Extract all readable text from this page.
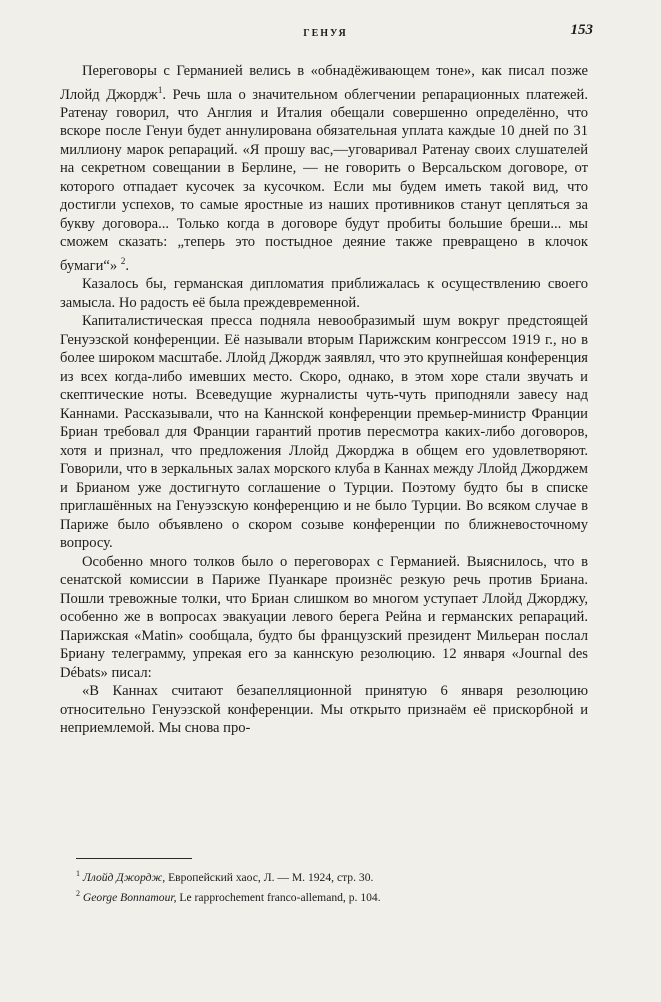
ГЕНУЯ	153

Переговоры с Германией велись в «обнадёживающем тоне», как писал позже Ллойд Джордж$^1$. Речь шла о значительном облегчении репарационных платежей. Ратенау говорил, что Англия и Италия обещали совершенно определённо, что вскоре после Генуи будет аннулирована обязательная уплата каждые 10 дней по 31 миллиону марок репараций. «Я прошу вас,—уговаривал Ратенау своих слушателей на секретном совещании в Берлине, — не говорить о Версальском договоре, от которого отпадает кусочек за кусочком. Если мы будем иметь такой вид, что достигли успехов, то самые яростные из наших противников станут цепляться за букву договора... Только когда в договоре будут пробиты большие бреши... мы сможем сказать: „теперь это постыдное деяние также превращено в клочок бумаги“» $^2$.

Казалось бы, германская дипломатия приближалась к осуществлению своего замысла. Но радость её была преждевременной.

Капиталистическая пресса подняла невообразимый шум вокруг предстоящей Генуэзской конференции. Её называли вторым Парижским конгрессом 1919 г., но в более широком масштабе. Ллойд Джордж заявлял, что это крупнейшая конференция из всех когда-либо имевших место. Скоро, однако, в этом хоре стали звучать и скептические ноты. Всеведущие журналисты чуть-чуть приподняли завесу над Каннами. Рассказывали, что на Каннской конференции премьер-министр Франции Бриан требовал для Франции гарантий против пересмотра каких-либо договоров, хотя и признал, что предложения Ллойд Джорджа в общем его удовлетворяют. Говорили, что в зеркальных залах морского клуба в Каннах между Ллойд Джорджем и Брианом уже достигнуто соглашение о Турции. Поэтому будто бы в списке приглашённых на Генуэзскую конференцию и не было Турции. Во всяком случае в Париже было объявлено о скором созыве конференции по ближневосточному вопросу.

Особенно много толков было о переговорах с Германией. Выяснилось, что в сенатской комиссии в Париже Пуанкаре произнёс резкую речь против Бриана. Пошли тревожные толки, что Бриан слишком во многом уступает Ллойд Джорджу, особенно же в вопросах эвакуации левого берега Рейна и германских репараций. Парижская «Matin» сообщала, будто бы французский президент Мильеран послал Бриану телеграмму, упрекая его за каннскую резолюцию. 12 января «Journal des Débats» писал:

«В Каннах считают безапелляционной принятую 6 января резолюцию относительно Генуэзской конференции. Мы открыто признаём её прискорбной и неприемлемой. Мы снова про-

$^1$ Ллойд Джордж, Европейский хаос, Л. — М. 1924, стр. 30.
$^2$ George Bonnamour, Le rapprochement franco-allemand, p. 104.
